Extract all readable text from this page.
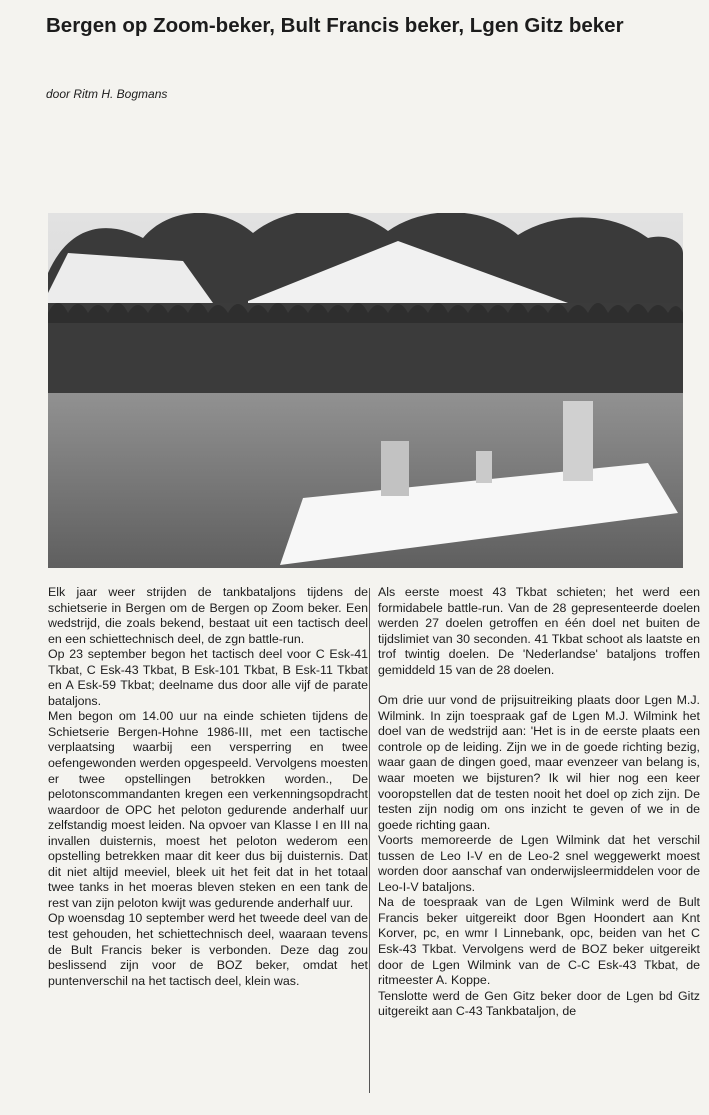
Bergen op Zoom-beker, Bult Francis beker, Lgen Gitz beker

door Ritm H. Bogmans

Elk jaar weer strijden de tankbataljons tijdens de schietserie in Bergen om de Bergen op Zoom beker. Een wedstrijd, die zoals bekend, bestaat uit een tactisch deel en een schiettechnisch deel, de zgn battle-run.

Op 23 september begon het tactisch deel voor C Esk-41 Tkbat, C Esk-43 Tkbat, B Esk-101 Tkbat, B Esk-11 Tkbat en A Esk-59 Tkbat; deelname dus door alle vijf de parate bataljons.

Men begon om 14.00 uur na einde schieten tijdens de Schietserie Bergen-Hohne 1986-III, met een tactische verplaatsing waarbij een versperring en twee oefengewonden werden opgespeeld. Vervolgens moesten er twee opstellingen betrokken worden., De pelotonscommandanten kregen een verkenningsopdracht waardoor de OPC het peloton gedurende anderhalf uur zelfstandig moest leiden. Na opvoer van Klasse I en III na invallen duisternis, moest het peloton wederom een opstelling betrekken maar dit keer dus bij duisternis. Dat dit niet altijd meeviel, bleek uit het feit dat in het totaal twee tanks in het moeras bleven steken en een tank de rest van zijn peloton kwijt was gedurende anderhalf uur.

Op woensdag 10 september werd het tweede deel van de test gehouden, het schiettechnisch deel, waaraan tevens de Bult Francis beker is verbonden. Deze dag zou beslissend zijn voor de BOZ beker, omdat het puntenverschil na het tactisch deel, klein was.

Als eerste moest 43 Tkbat schieten; het werd een formidabele battle-run. Van de 28 gepresenteerde doelen werden 27 doelen getroffen en één doel net buiten de tijdslimiet van 30 seconden. 41 Tkbat schoot als laatste en trof twintig doelen. De 'Nederlandse' bataljons troffen gemiddeld 15 van de 28 doelen.

Om drie uur vond de prijsuitreiking plaats door Lgen M.J. Wilmink. In zijn toespraak gaf de Lgen M.J. Wilmink het doel van de wedstrijd aan: 'Het is in de eerste plaats een controle op de leiding. Zijn we in de goede richting bezig, waar gaan de dingen goed, maar evenzeer van belang is, waar moeten we bijsturen? Ik wil hier nog een keer vooropstellen dat de testen nooit het doel op zich zijn. De testen zijn nodig om ons inzicht te geven of we in de goede richting gaan.

Voorts memoreerde de Lgen Wilmink dat het verschil tussen de Leo I-V en de Leo-2 snel weggewerkt moest worden door aanschaf van onderwijsleermiddelen voor de Leo-I-V bataljons.

Na de toespraak van de Lgen Wilmink werd de Bult Francis beker uitgereikt door Bgen Hoondert aan Knt Korver, pc, en wmr I Linnebank, opc, beiden van het C Esk-43 Tkbat. Vervolgens werd de BOZ beker uitgereikt door de Lgen Wilmink van de C-C Esk-43 Tkbat, de ritmeester A. Koppe.

Tenslotte werd de Gen Gitz beker door de Lgen bd Gitz uitgereikt aan C-43 Tankbataljon, de
